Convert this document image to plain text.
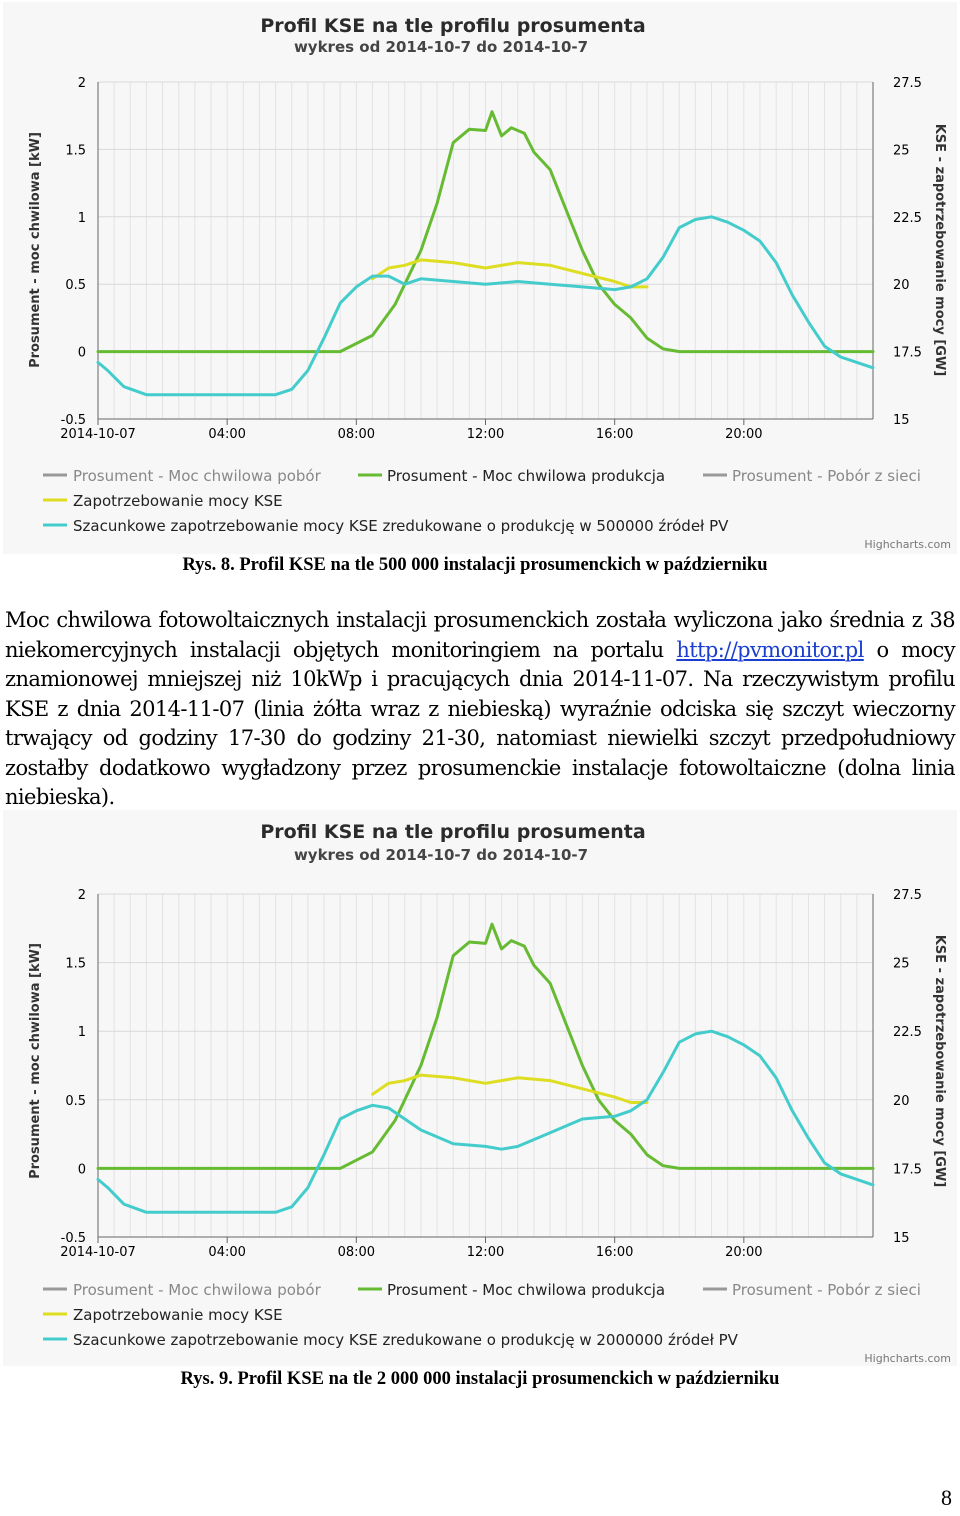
Profil KSE na tle profilu prosumenta
wykres od 2014-10-7 do 2014-10-7
-0.5
0
0.5
1
1.5
2
15
17.5
20
22.5
25
27.5
2014-10-07	04:00	08:00	12:00	16:00	20:00
Prosument - moc chwilowa [kW]	KSE - zapotrzebowanie mocy [GW]
Prosument - Moc chwilowa pobór	Prosument - Moc chwilowa produkcja	Prosument - Pobór z sieci
Zapotrzebowanie mocy KSE
Szacunkowe zapotrzebowanie mocy KSE zredukowane o produkcję w 500000 źródeł PV
Highcharts.com
Rys. 8. Profil KSE na tle 500 000 instalacji prosumenckich w październiku
Moc chwilowa fotowoltaicznych instalacji prosumenckich została wyliczona jako średnia z 38 niekomercyjnych instalacji objętych monitoringiem na portalu http://pvmonitor.pl o mocy znamionowej mniejszej niż 10kWp i pracujących dnia 2014-11-07. Na rzeczywistym profilu KSE z dnia 2014-11-07 (linia żółta wraz z niebieską) wyraźnie odciska się szczyt wieczorny trwający od godziny 17-30 do godziny 21-30, natomiast niewielki szczyt przedpołudniowy zostałby dodatkowo wygładzony przez prosumenckie instalacje fotowoltaiczne (dolna linia niebieska).
Profil KSE na tle profilu prosumenta
wykres od 2014-10-7 do 2014-10-7
-0.5
0
0.5
1
1.5
2
15
17.5
20
22.5
25
27.5
2014-10-07	04:00	08:00	12:00	16:00	20:00
Prosument - moc chwilowa [kW]	KSE - zapotrzebowanie mocy [GW]
Prosument - Moc chwilowa pobór	Prosument - Moc chwilowa produkcja	Prosument - Pobór z sieci
Zapotrzebowanie mocy KSE
Szacunkowe zapotrzebowanie mocy KSE zredukowane o produkcję w 2000000 źródeł PV
Highcharts.com
Rys. 9. Profil KSE na tle 2 000 000 instalacji prosumenckich w październiku
8
